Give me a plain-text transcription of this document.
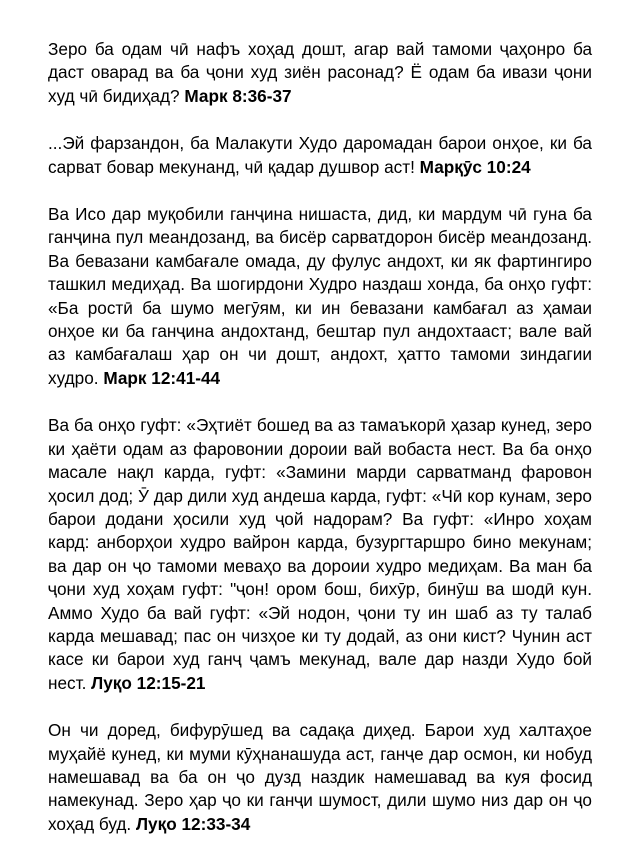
Зеро ба одам чӣ нафъ хоҳад дошт, агар вай тамоми ҷаҳонро ба даст оварад ва ба ҷони худ зиён расонад? Ё одам ба ивази ҷони худ чӣ бидиҳад? Марк 8:36-37

...Эй фарзандон, ба Малакути Худо даромадан барои онҳое, ки ба сарват бовар мекунанд, чӣ қадар душвор аст! Марқӯс 10:24

Ва Исо дар муқобили ганҷина нишаста, дид, ки мардум чӣ гуна ба ганҷина пул меандозанд, ва бисёр сарватдорон бисёр меандозанд. Ва бевазани камбағале омада, ду фулус андохт, ки як фартингиро ташкил медиҳад. Ва шогирдони Худро наздаш хонда, ба онҳо гуфт: «Ба ростӣ ба шумо мегӯям, ки ин бевазани камбағал аз ҳамаи онҳое ки ба ганҷина андохтанд, бештар пул андохтааст; вале вай аз камбағалаш ҳар он чи дошт, андохт, ҳатто тамоми зиндагии худро. Марк 12:41-44

Ва ба онҳо гуфт: «Эҳтиёт бошед ва аз тамаъкорӣ ҳазар кунед, зеро ки ҳаёти одам аз фаровонии дороии вай вобаста нест. Ва ба онҳо масале нақл карда, гуфт: «Замини марди сарватманд фаровон ҳосил дод; Ӯ дар дили худ андеша карда, гуфт: «Чӣ кор кунам, зеро барои додани ҳосили худ ҷой надорам? Ва гуфт: «Инро хоҳам кард: анборҳои худро вайрон карда, бузургтаршро бино мекунам; ва дар он ҷо тамоми меваҳо ва дороии худро медиҳам. Ва ман ба ҷони худ хоҳам гуфт: "ҷон! ором бош, бихӯр, бинӯш ва шодӣ кун. Аммо Худо ба вай гуфт: «Эй нодон, ҷони ту ин шаб аз ту талаб карда мешавад; пас он чизҳое ки ту додай, аз они кист? Чунин аст касе ки барои худ ганҷ ҷамъ мекунад, вале дар назди Худо бой нест. Луқо 12:15-21

Он чи доред, бифурӯшед ва садақа диҳед. Барои худ халтаҳое муҳайё кунед, ки муми кӯҳнанашуда аст, ганҷе дар осмон, ки нобуд намешавад ва ба он ҷо дузд наздик намешавад ва куя фосид намекунад. Зеро ҳар ҷо ки ганҷи шумост, дили шумо низ дар он ҷо хоҳад буд. Луқо 12:33-34
